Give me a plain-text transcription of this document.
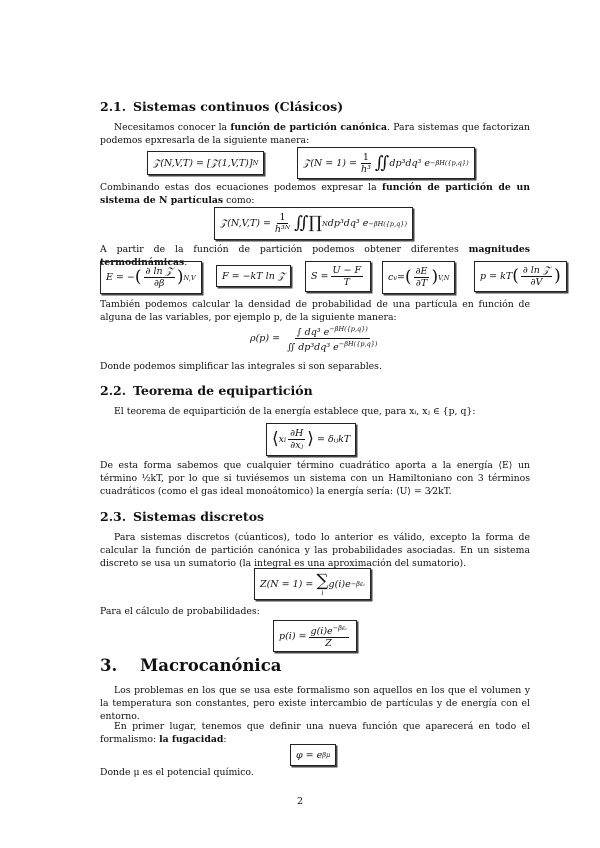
2.1. Sistemas continuos (Clásicos)
Necesitamos conocer la función de partición canónica. Para sistemas que factorizan podemos epxresarla de la siguiente manera:
𝒵(N,V,T) = [𝒵(1,V,T)] N	𝒵(N = $1) = \frac{1}{\text{h³}}$ ∬ dp³dq³ e −βH({p,q})
Combinando estas dos ecuaciones podemos expresar la función de partición de un sistema de N partículas como:
𝒵(N,V,T) = $\frac{1}{\text{h³ᴺ}}$ ∬∏ N dp³dq³ e −βH({p,q})
A partir de la función de partición podemos obtener diferentes magnitudes termodinámicas.
E = − ( $\frac{\text{∂ ln 𝒵}}{\partial\beta}$ ) N,V	F = −kT ln 𝒵	$S = \frac{U - F}{T}$	c v = ( $\frac{\partial E}{\partial T}$ ) V,N	p = kT ( $\frac{\text{∂ ln 𝒵}}{\partial V}$ )
También podemos calcular la densidad de probabilidad de una partícula en función de alguna de las variables, por ejemplo p, de la siguiente manera:
$\rho(p) = \frac{\int dq^3 e^{-\beta H(\{p,q\})}}{∬ dp^3dq^3 e^{-\beta H(\{p,q\})}}$
Donde podemos simplificar las integrales si son separables.
2.2. Teorema de equipartición
El teorema de equipartición de la energía establece que, para xᵢ, xⱼ ∈ {p, q}:
⟨ x i $\frac{\partial H}{\text{∂xⱼ}}$ ⟩
= δᵢⱼkT
De esta forma sabemos que cualquier término cuadrático aporta a la energía ⟨E⟩ un término ½kT, por lo que si tuviésemos un sistema con un Hamiltoniano con 3 términos cuadráticos (como el gas ideal monoátomico) la energía sería: ⟨U⟩ = 3⁄2kT.
2.3. Sistemas discretos
Para sistemas discretos (cúanticos), todo lo anterior es válido, excepto la forma de calcular la función de partición canónica y las probabilidades asociadas. En un sistema discreto se usa un sumatorio (la integral es una aproximación del sumatorio).
Z(N = 1) =
∑
i
g(i)e −βεᵢ
Para el cálculo de probabilidades:
$p(i) = \frac{g(i)e^{-\beta\varepsilon ᵢ}}{Z}$
3. Macrocanónica
Los problemas en los que se usa este formalismo son aquellos en los que el volumen y la temperatura son constantes, pero existe intercambio de partículas y de energía con el entorno.
En primer lugar, tenemos que definir una nueva función que aparecerá en todo el formalismo: la fugacidad:
φ = e βμ
Donde μ es el potencial químico.
2
